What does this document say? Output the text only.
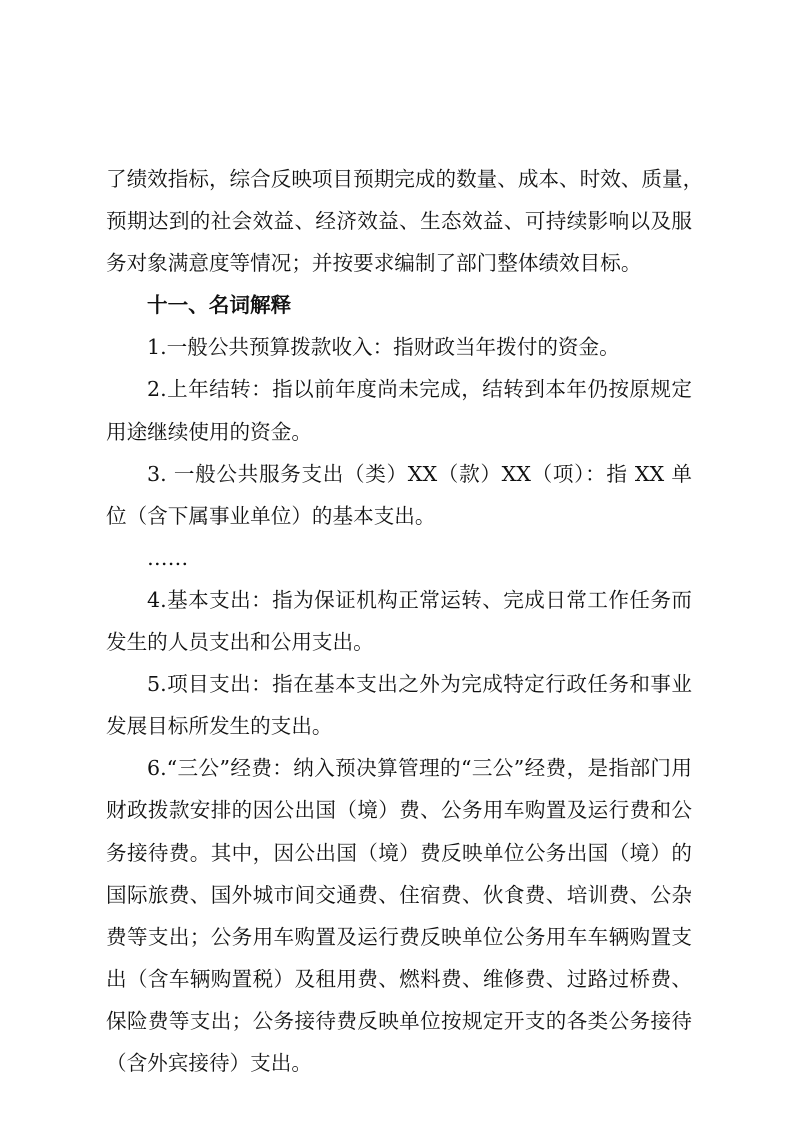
了绩效指标，综合反映项目预期完成的数量、成本、时效、质量，
预期达到的社会效益、经济效益、生态效益、可持续影响以及服
务对象满意度等情况；并按要求编制了部门整体绩效目标。
十一、名词解释
1.一般公共预算拨款收入：指财政当年拨付的资金。
2.上年结转：指以前年度尚未完成，结转到本年仍按原规定
用途继续使用的资金。
3. 一般公共服务支出（类）XX（款）XX（项）：指 XX 单
位（含下属事业单位）的基本支出。
……
4.基本支出：指为保证机构正常运转、完成日常工作任务而
发生的人员支出和公用支出。
5.项目支出：指在基本支出之外为完成特定行政任务和事业
发展目标所发生的支出。
6.“三公”经费：纳入预决算管理的“三公”经费，是指部门用
财政拨款安排的因公出国（境）费、公务用车购置及运行费和公
务接待费。其中，因公出国（境）费反映单位公务出国（境）的
国际旅费、国外城市间交通费、住宿费、伙食费、培训费、公杂
费等支出；公务用车购置及运行费反映单位公务用车车辆购置支
出（含车辆购置税）及租用费、燃料费、维修费、过路过桥费、
保险费等支出；公务接待费反映单位按规定开支的各类公务接待
（含外宾接待）支出。
